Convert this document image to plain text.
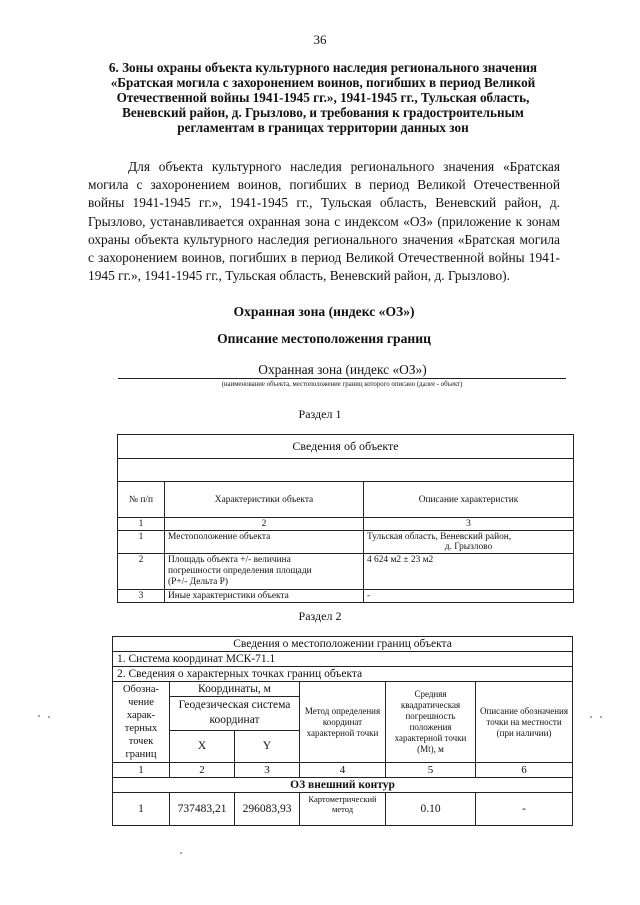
36
6. Зоны охраны объекта культурного наследия регионального значения «Братская могила с захоронением воинов, погибших в период Великой Отечественной войны 1941-1945 гг.», 1941-1945 гг., Тульская область, Веневский район, д. Грызлово, и требования к градостроительным регламентам в границах территории данных зон
Для объекта культурного наследия регионального значения «Братская могила с захоронением воинов, погибших в период Великой Отечественной войны 1941-1945 гг.», 1941-1945 гг., Тульская область, Веневский район, д. Грызлово, устанавливается охранная зона с индексом «ОЗ» (приложение к зонам охраны объекта культурного наследия регионального значения «Братская могила с захоронением воинов, погибших в период Великой Отечественной войны 1941-1945 гг.», 1941-1945 гг., Тульская область, Веневский район, д. Грызлово).
Охранная зона (индекс «ОЗ»)
Описание местоположения границ
Охранная зона (индекс «ОЗ»)
(наименование объекта, местоположение границ которого описано (далее - объект)
Раздел 1
Сведения об объекте		

№ п/п	Характеристики объекта	Описание характеристик
1	2	3
1	Местоположение объекта	Тульская область, Веневский район,
д. Грызлово

2	Площадь объекта +/- величина
погрешности определения площади
(Р+/- Дельта Р)	4 624 м2 ± 23 м2
3	Иные характеристики объекта	-
Раздел 2
Сведения о местоположении границ объекта					
1. Система координат МСК-71.1					
2. Сведения о характерных точках границ объекта					
Обозна-чение харак-терных точек границ	Координаты, м		Метод определения координат характерной точки	Средняя квадратическая погрешность положения характерной точки (Mt), м	Описание обозначения точки на местности (при наличии)
	Геодезическая система координат				
	X	Y			
1	2	3	4	5	6
ОЗ внешний контур					
1	737483,21	296083,93	Картометрический метод	0.10	-
